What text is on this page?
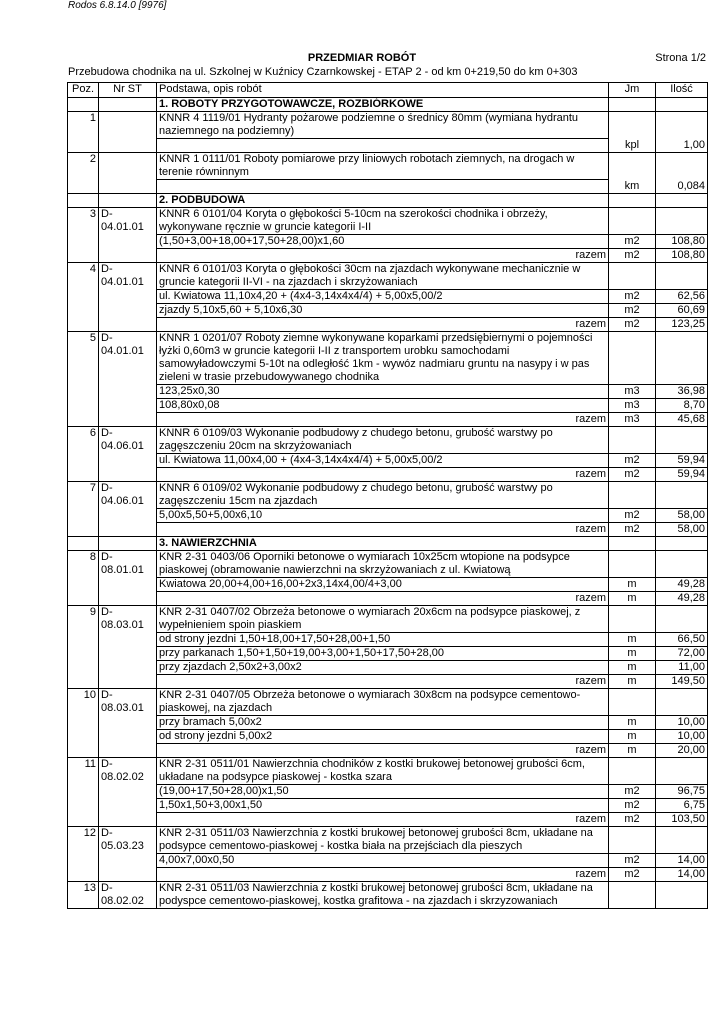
Rodos 6.8.14.0 [9976]
PRZEDMIAR ROBÓT	Strona 1/2
Przebudowa chodnika na ul. Szkolnej w Kuźnicy Czarnkowskej - ETAP 2 - od km 0+219,50 do km 0+303
Poz.	Nr ST	Podstawa, opis robót	Jm	Ilość
		1. ROBOTY PRZYGOTOWAWCZE, ROZBIÓRKOWE		
1		KNNR 4 1119/01 Hydranty pożarowe podziemne o średnicy 80mm (wymiana hydrantu naziemnego na podziemny)	kpl	1,00

2		KNNR 1 0111/01 Roboty pomiarowe przy liniowych robotach ziemnych, na drogach w terenie równinnym	km	0,084

		2. PODBUDOWA		
3	D-04.01.01	KNNR 6 0101/04 Koryta o głębokości 5-10cm na szerokości chodnika i obrzeży, wykonywane ręcznie w gruncie kategorii I-II		
		(1,50+3,00+18,00+17,50+28,00)x1,60	m2	108,80
		razem	m2	108,80
4	D-04.01.01	KNNR 6 0101/03 Koryta o głębokości 30cm na zjazdach wykonywane mechanicznie w gruncie kategorii II-VI - na zjazdach i skrzyżowaniach		
		ul. Kwiatowa 11,10x4,20 + (4x4-3,14x4x4/4) + 5,00x5,00/2	m2	62,56
		zjazdy 5,10x5,60 + 5,10x6,30	m2	60,69
		razem	m2	123,25
5	D-04.01.01	KNNR 1 0201/07 Roboty ziemne wykonywane koparkami przedsiębiernymi o pojemności łyżki 0,60m3 w gruncie kategorii I-II z transportem urobku samochodami samowyładowczymi 5-10t na odległość 1km - wywóz nadmiaru gruntu na nasypy i w pas zieleni w trasie przebudowywanego chodnika		
		123,25x0,30	m3	36,98
		108,80x0,08	m3	8,70
		razem	m3	45,68
6	D-04.06.01	KNNR 6 0109/03 Wykonanie podbudowy z chudego betonu, grubość warstwy po zagęszczeniu 20cm na skrzyżowaniach		
		ul. Kwiatowa 11,00x4,00 + (4x4-3,14x4x4/4) + 5,00x5,00/2	m2	59,94
		razem	m2	59,94
7	D-04.06.01	KNNR 6 0109/02 Wykonanie podbudowy z chudego betonu, grubość warstwy po zagęszczeniu 15cm na zjazdach		
		5,00x5,50+5,00x6,10	m2	58,00
		razem	m2	58,00
		3. NAWIERZCHNIA		
8	D-08.01.01	KNR 2-31 0403/06 Oporniki betonowe o wymiarach 10x25cm wtopione na podsypce piaskowej (obramowanie nawierzchni na skrzyżowaniach z ul. Kwiatową		
		Kwiatowa 20,00+4,00+16,00+2x3,14x4,00/4+3,00	m	49,28
		razem	m	49,28
9	D-08.03.01	KNR 2-31 0407/02 Obrzeża betonowe o wymiarach 20x6cm na podsypce piaskowej, z wypełnieniem spoin piaskiem		
		od strony jezdni 1,50+18,00+17,50+28,00+1,50	m	66,50
		przy parkanach 1,50+1,50+19,00+3,00+1,50+17,50+28,00	m	72,00
		przy zjazdach 2,50x2+3,00x2	m	11,00
		razem	m	149,50
10	D-08.03.01	KNR 2-31 0407/05 Obrzeża betonowe o wymiarach 30x8cm na podsypce cementowo-piaskowej, na zjazdach		
		przy bramach 5,00x2	m	10,00
		od strony jezdni 5,00x2	m	10,00
		razem	m	20,00
11	D-08.02.02	KNR 2-31 0511/01 Nawierzchnia chodników z kostki brukowej betonowej grubości 6cm, układane na podsypce piaskowej - kostka szara		
		(19,00+17,50+28,00)x1,50	m2	96,75
		1,50x1,50+3,00x1,50	m2	6,75
		razem	m2	103,50
12	D-05.03.23	KNR 2-31 0511/03 Nawierzchnia z kostki brukowej betonowej grubości 8cm, układane na podsypce cementowo-piaskowej - kostka biała na przejściach dla pieszych		
		4,00x7,00x0,50	m2	14,00
		razem	m2	14,00
13	D-08.02.02	KNR 2-31 0511/03 Nawierzchnia z kostki brukowej betonowej grubości 8cm, układane na podyspce cementowo-piaskowej, kostka grafitowa - na zjazdach i skrzyzowaniach		
